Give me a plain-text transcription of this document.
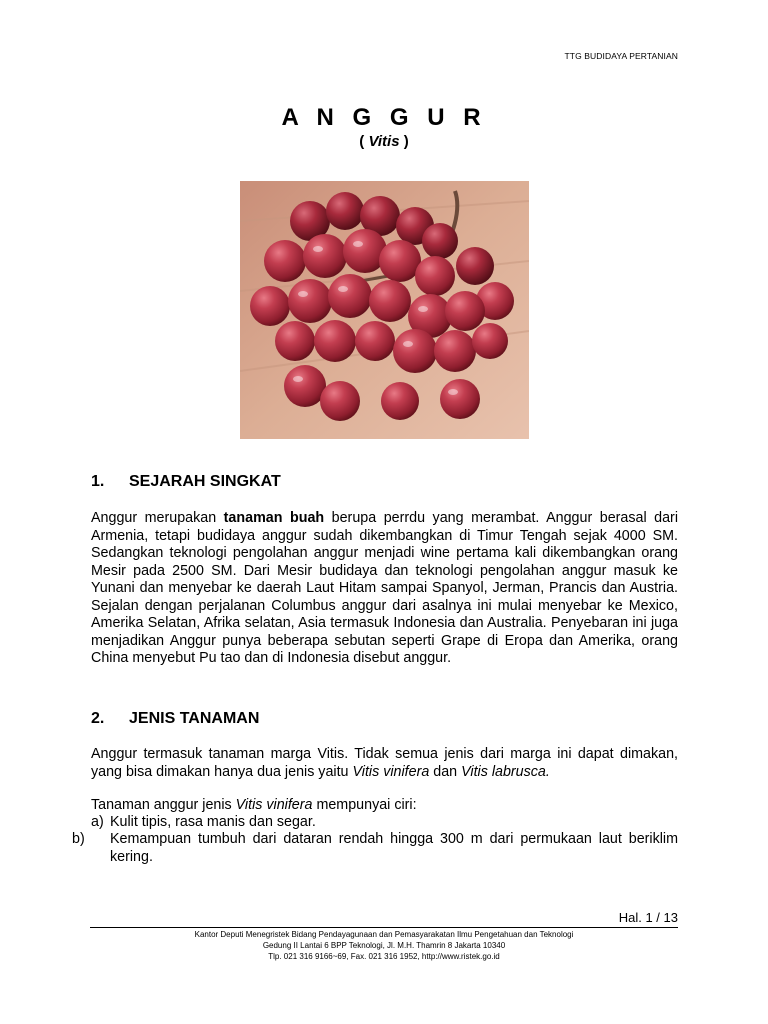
TTG BUDIDAYA PERTANIAN
A N G G U R
( Vitis )
1. SEJARAH SINGKAT
Anggur merupakan tanaman buah berupa perrdu yang merambat. Anggur berasal dari Armenia, tetapi budidaya anggur sudah dikembangkan di Timur Tengah sejak 4000 SM. Sedangkan teknologi pengolahan anggur menjadi wine pertama kali dikembangkan orang Mesir pada 2500 SM. Dari Mesir budidaya dan teknologi pengolahan anggur masuk ke Yunani dan menyebar ke daerah Laut Hitam sampai Spanyol, Jerman, Prancis dan Austria. Sejalan dengan perjalanan Columbus anggur dari asalnya ini mulai menyebar ke Mexico, Amerika Selatan, Afrika selatan, Asia termasuk Indonesia dan Australia. Penyebaran ini juga menjadikan Anggur punya beberapa sebutan seperti Grape di Eropa dan Amerika, orang China menyebut Pu tao dan di Indonesia disebut anggur.
2. JENIS TANAMAN
Anggur termasuk tanaman marga Vitis. Tidak semua jenis dari marga ini dapat dimakan, yang bisa dimakan hanya dua jenis yaitu Vitis vinifera dan Vitis labrusca.
Tanaman anggur jenis Vitis vinifera mempunyai ciri:
a) Kulit tipis, rasa manis dan segar.
b) Kemampuan tumbuh dari dataran rendah hingga 300 m dari permukaan laut beriklim kering.
Hal. 1 / 13
Kantor Deputi Menegristek Bidang Pendayagunaan dan Pemasyarakatan Ilmu Pengetahuan dan Teknologi
Gedung II Lantai 6 BPP Teknologi, Jl. M.H. Thamrin 8 Jakarta 10340
Tlp. 021 316 9166~69, Fax. 021 316 1952, http://www.ristek.go.id
